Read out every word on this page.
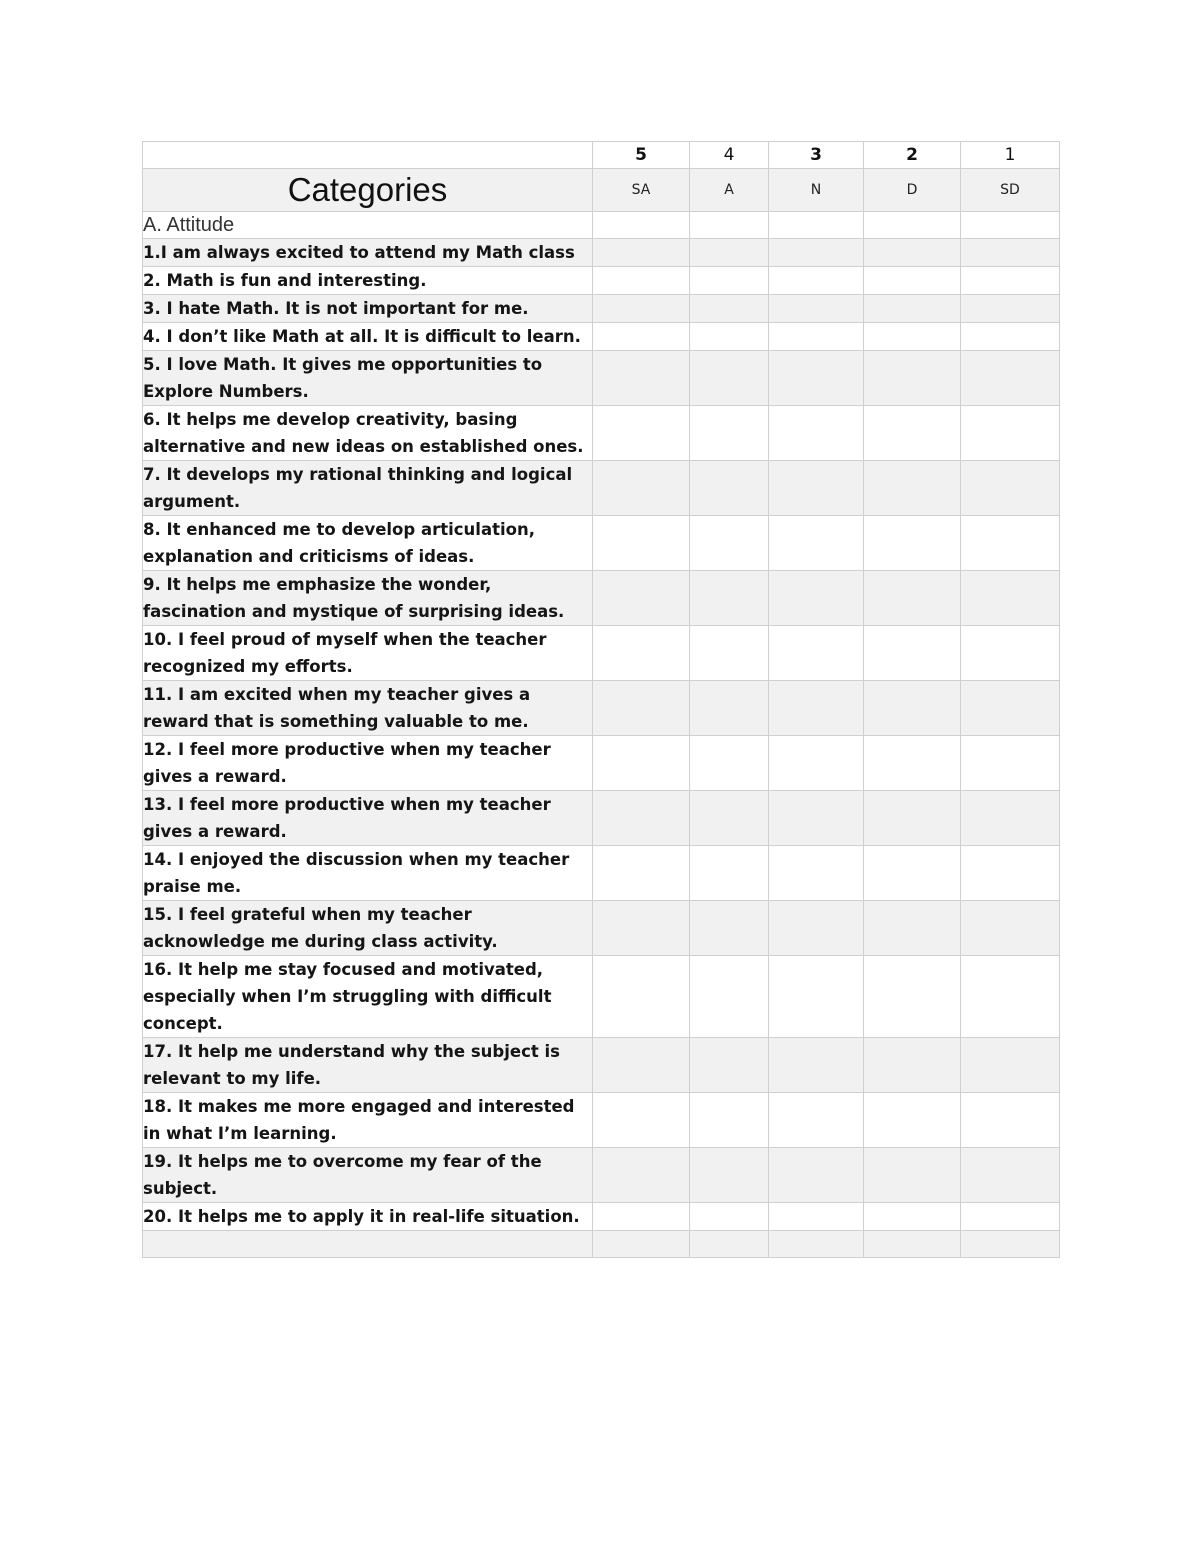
	5	4	3	2	1
Categories	SA	A	N	D	SD
A. Attitude					
1.I am always excited to attend my Math class					
2. Math is fun and interesting.					
3. I hate Math. It is not important for me.					
4. I don’t like Math at all. It is difficult to learn.					
5. I love Math. It gives me opportunities to Explore Numbers.					
6. It helps me develop creativity, basing alternative and new ideas on established ones.					
7. It develops my rational thinking and logical argument.					
8. It enhanced me to develop articulation, explanation and criticisms of ideas.					
9. It helps me emphasize the wonder, fascination and mystique of surprising ideas.					
10. I feel proud of myself when the teacher recognized my efforts.					
11. I am excited when my teacher gives a reward that is something valuable to me.					
12. I feel more productive when my teacher gives a reward.					
13. I feel more productive when my teacher gives a reward.					
14. I enjoyed the discussion when my teacher praise me.					
15. I feel grateful when my teacher acknowledge me during class activity.					
16. It help me stay focused and motivated, especially when I’m struggling with difficult concept.					
17. It help me understand why the subject is relevant to my life.					
18. It makes me more engaged and interested in what I’m learning.					
19. It helps me to overcome my fear of the subject.					
20. It helps me to apply it in real-life situation.					
